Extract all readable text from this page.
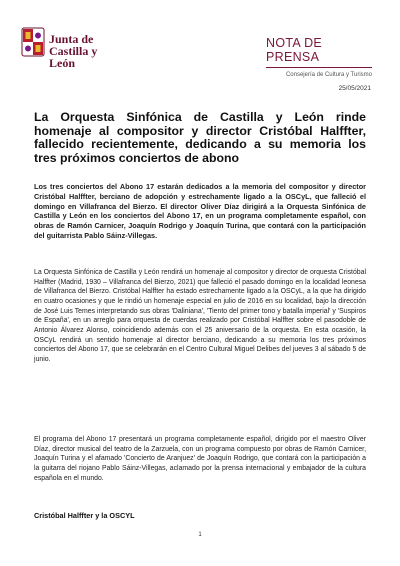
Junta de
Castilla y León
NOTA DE PRENSA
Consejería de Cultura y Turismo
25/05/2021
La Orquesta Sinfónica de Castilla y León rinde homenaje al compositor y director Cristóbal Halffter, fallecido recientemente, dedicando a su memoria los tres próximos conciertos de abono
Los tres conciertos del Abono 17 estarán dedicados a la memoria del compositor y director Cristóbal Halffter, berciano de adopción y estrechamente ligado a la OSCyL, que falleció el domingo en Villafranca del Bierzo. El director Oliver Díaz dirigirá a la Orquesta Sinfónica de Castilla y León en los conciertos del Abono 17, en un programa completamente español, con obras de Ramón Carnicer, Joaquín Rodrigo y Joaquín Turina, que contará con la participación del guitarrista Pablo Sáinz-Villegas.
La Orquesta Sinfónica de Castilla y León rendirá un homenaje al compositor y director de orquesta Cristóbal Halffter (Madrid, 1930 – Villafranca del Bierzo, 2021) que falleció el pasado domingo en la localidad leonesa de Villafranca del Bierzo. Cristóbal Halffter ha estado estrechamente ligado a la OSCyL, a la que ha dirigido en cuatro ocasiones y que le rindió un homenaje especial en julio de 2016 en su localidad, bajo la dirección de José Luis Temes interpretando sus obras 'Daliniana', 'Tiento del primer tono y batalla imperial' y 'Suspiros de España', en un arreglo para orquesta de cuerdas realizado por Cristóbal Halffter sobre el pasodoble de Antonio Álvarez Alonso, coincidiendo además con el 25 aniversario de la orquesta. En esta ocasión, la OSCyL rendirá un sentido homenaje al director berciano, dedicando a su memoria los tres próximos conciertos del Abono 17, que se celebrarán en el Centro Cultural Miguel Delibes del jueves 3 al sábado 5 de junio.
El programa del Abono 17 presentará un programa completamente español, dirigido por el maestro Oliver Díaz, director musical del teatro de la Zarzuela, con un programa compuesto por obras de Ramón Carnicer, Joaquín Turina y el afamado 'Concierto de Aranjuez' de Joaquín Rodrigo, que contará con la participación a la guitarra del riojano Pablo Sáinz-Villegas, aclamado por la prensa internacional y embajador de la cultura española en el mundo.
Cristóbal Halffter y la OSCYL
1
